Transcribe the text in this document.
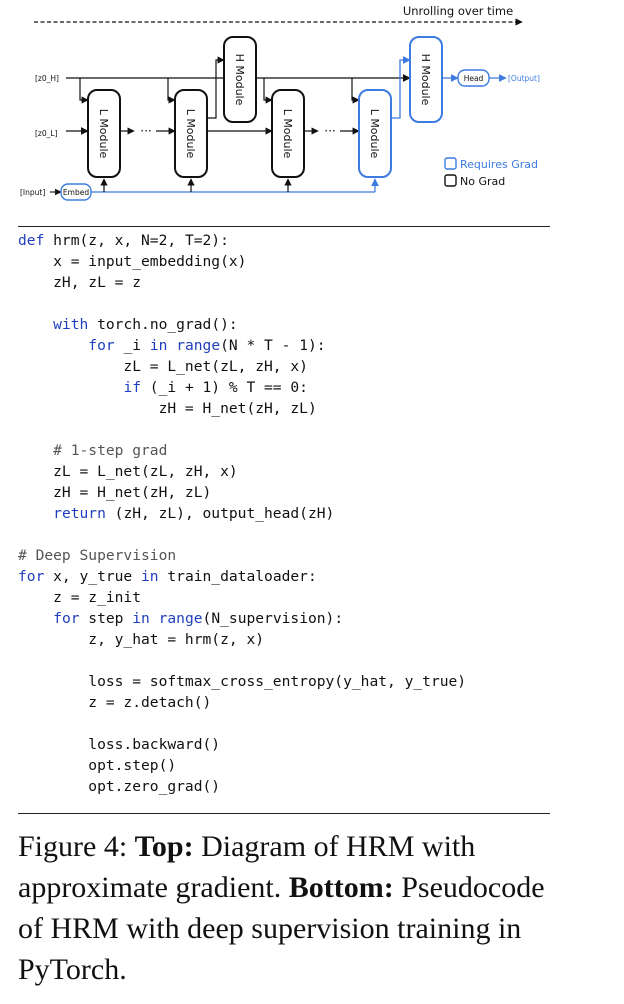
Unrolling over time
[z0_H]
[z0_L]
[Input]
···	···
Embed
L Module	L Module	L Module	L Module
H Module	H Module	Head	[Output]
Requires Grad
No Grad
def hrm(z, x, N=2, T=2):
x = input_embedding(x)
zH, zL = z
with torch.no_grad():
for _i in range(N * T - 1):
zL = L_net(zL, zH, x)
if (_i + 1) % T == 0:
zH = H_net(zH, zL)
# 1-step grad
zL = L_net(zL, zH, x)
zH = H_net(zH, zL)
return (zH, zL), output_head(zH)
# Deep Supervision
for x, y_true in train_dataloader:
z = z_init
for step in range(N_supervision):
z, y_hat = hrm(z, x)
loss = softmax_cross_entropy(y_hat, y_true)
z = z.detach()
loss.backward()
opt.step()
opt.zero_grad()
Figure 4: Top: Diagram of HRM with approximate gradient. Bottom: Pseudocode of HRM with deep supervision training in PyTorch.
